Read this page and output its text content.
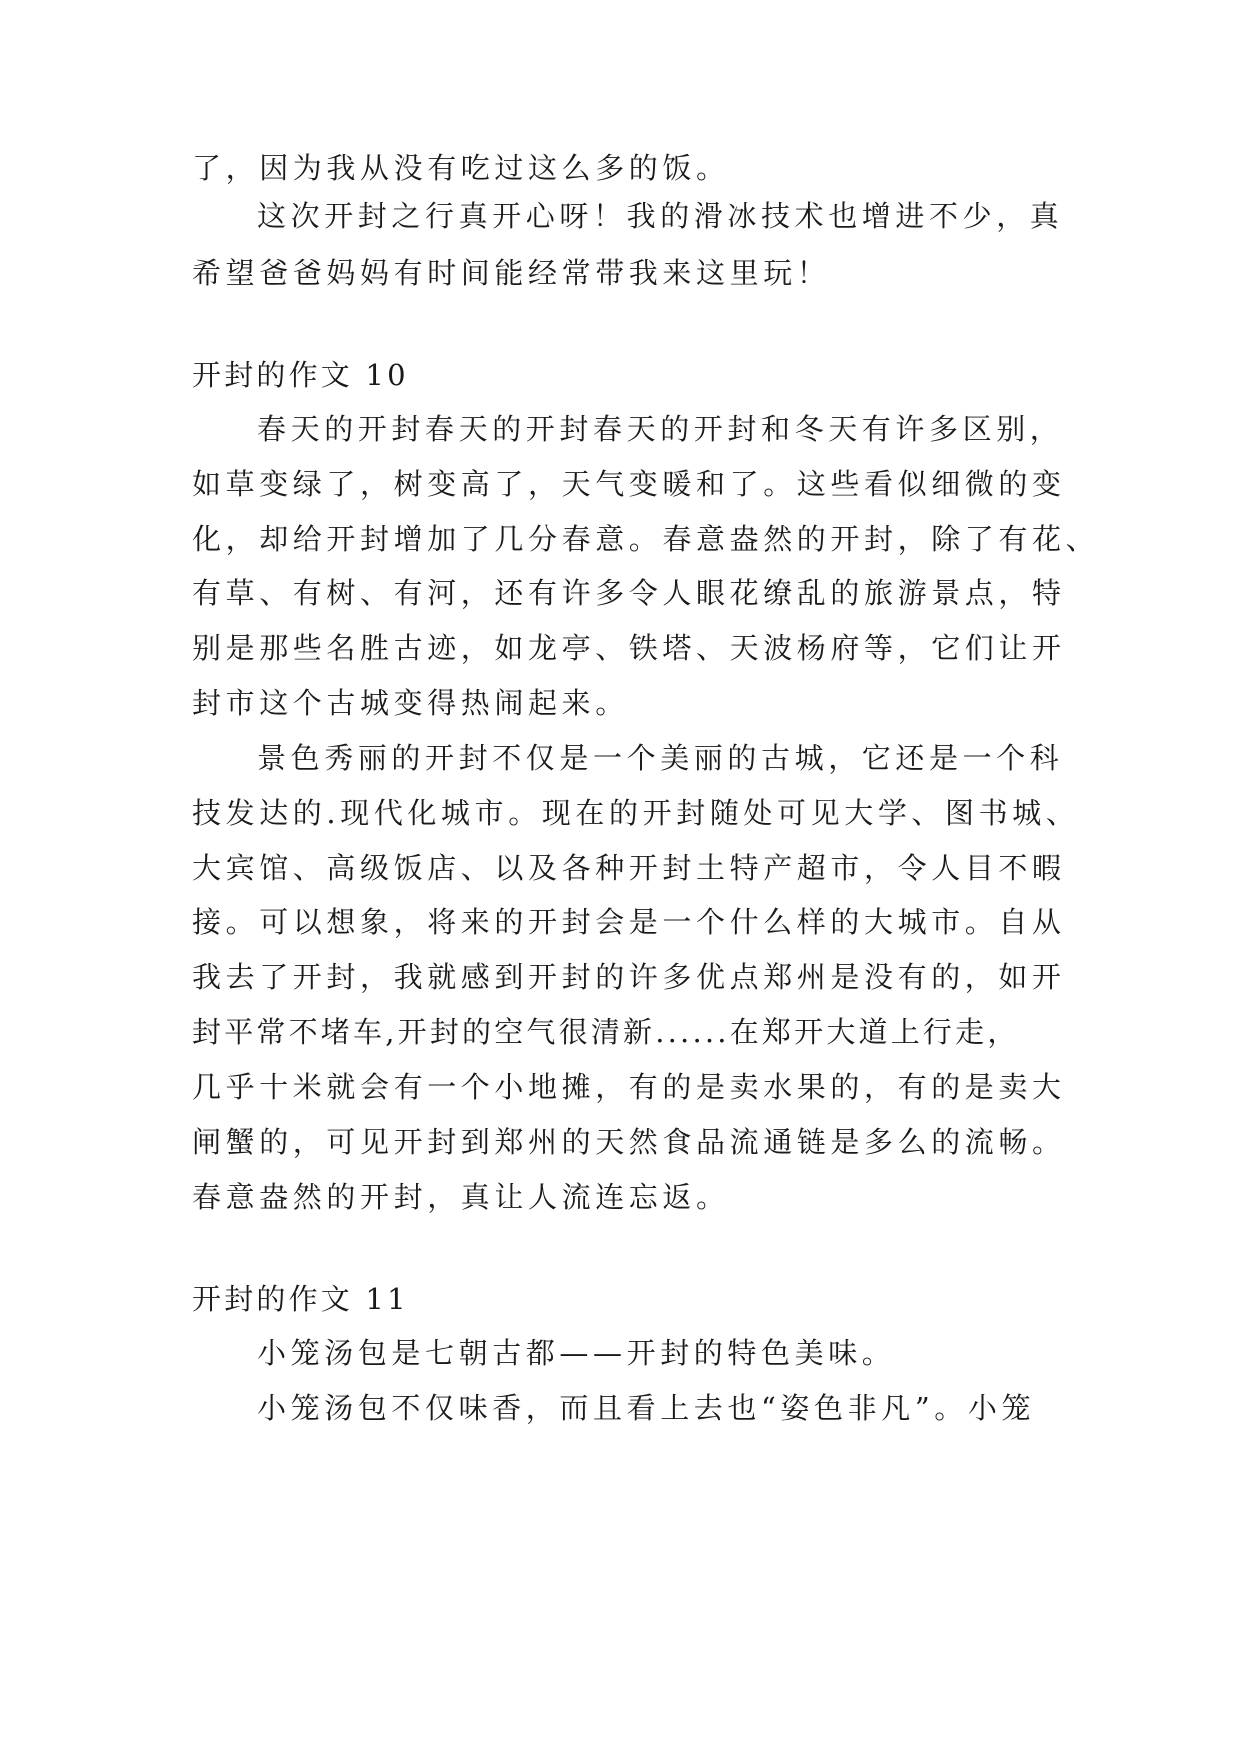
了，因为我从没有吃过这么多的饭。
这次开封之行真开心呀！我的滑冰技术也增进不少，真
希望爸爸妈妈有时间能经常带我来这里玩！
开封的作文 10
春天的开封春天的开封春天的开封和冬天有许多区别，
如草变绿了，树变高了，天气变暖和了。这些看似细微的变
化，却给开封增加了几分春意。春意盎然的开封，除了有花、
有草、有树、有河，还有许多令人眼花缭乱的旅游景点，特
别是那些名胜古迹，如龙亭、铁塔、天波杨府等，它们让开
封市这个古城变得热闹起来。
景色秀丽的开封不仅是一个美丽的古城，它还是一个科
技发达的.现代化城市。现在的开封随处可见大学、图书城、
大宾馆、高级饭店、以及各种开封土特产超市，令人目不暇
接。可以想象，将来的开封会是一个什么样的大城市。自从
我去了开封，我就感到开封的许多优点郑州是没有的，如开
封平常不堵车,开封的空气很清新......在郑开大道上行走，
几乎十米就会有一个小地摊，有的是卖水果的，有的是卖大
闸蟹的，可见开封到郑州的天然食品流通链是多么的流畅。
春意盎然的开封，真让人流连忘返。
开封的作文 11
小笼汤包是七朝古都——开封的特色美味。
小笼汤包不仅味香，而且看上去也“姿色非凡”。小笼
